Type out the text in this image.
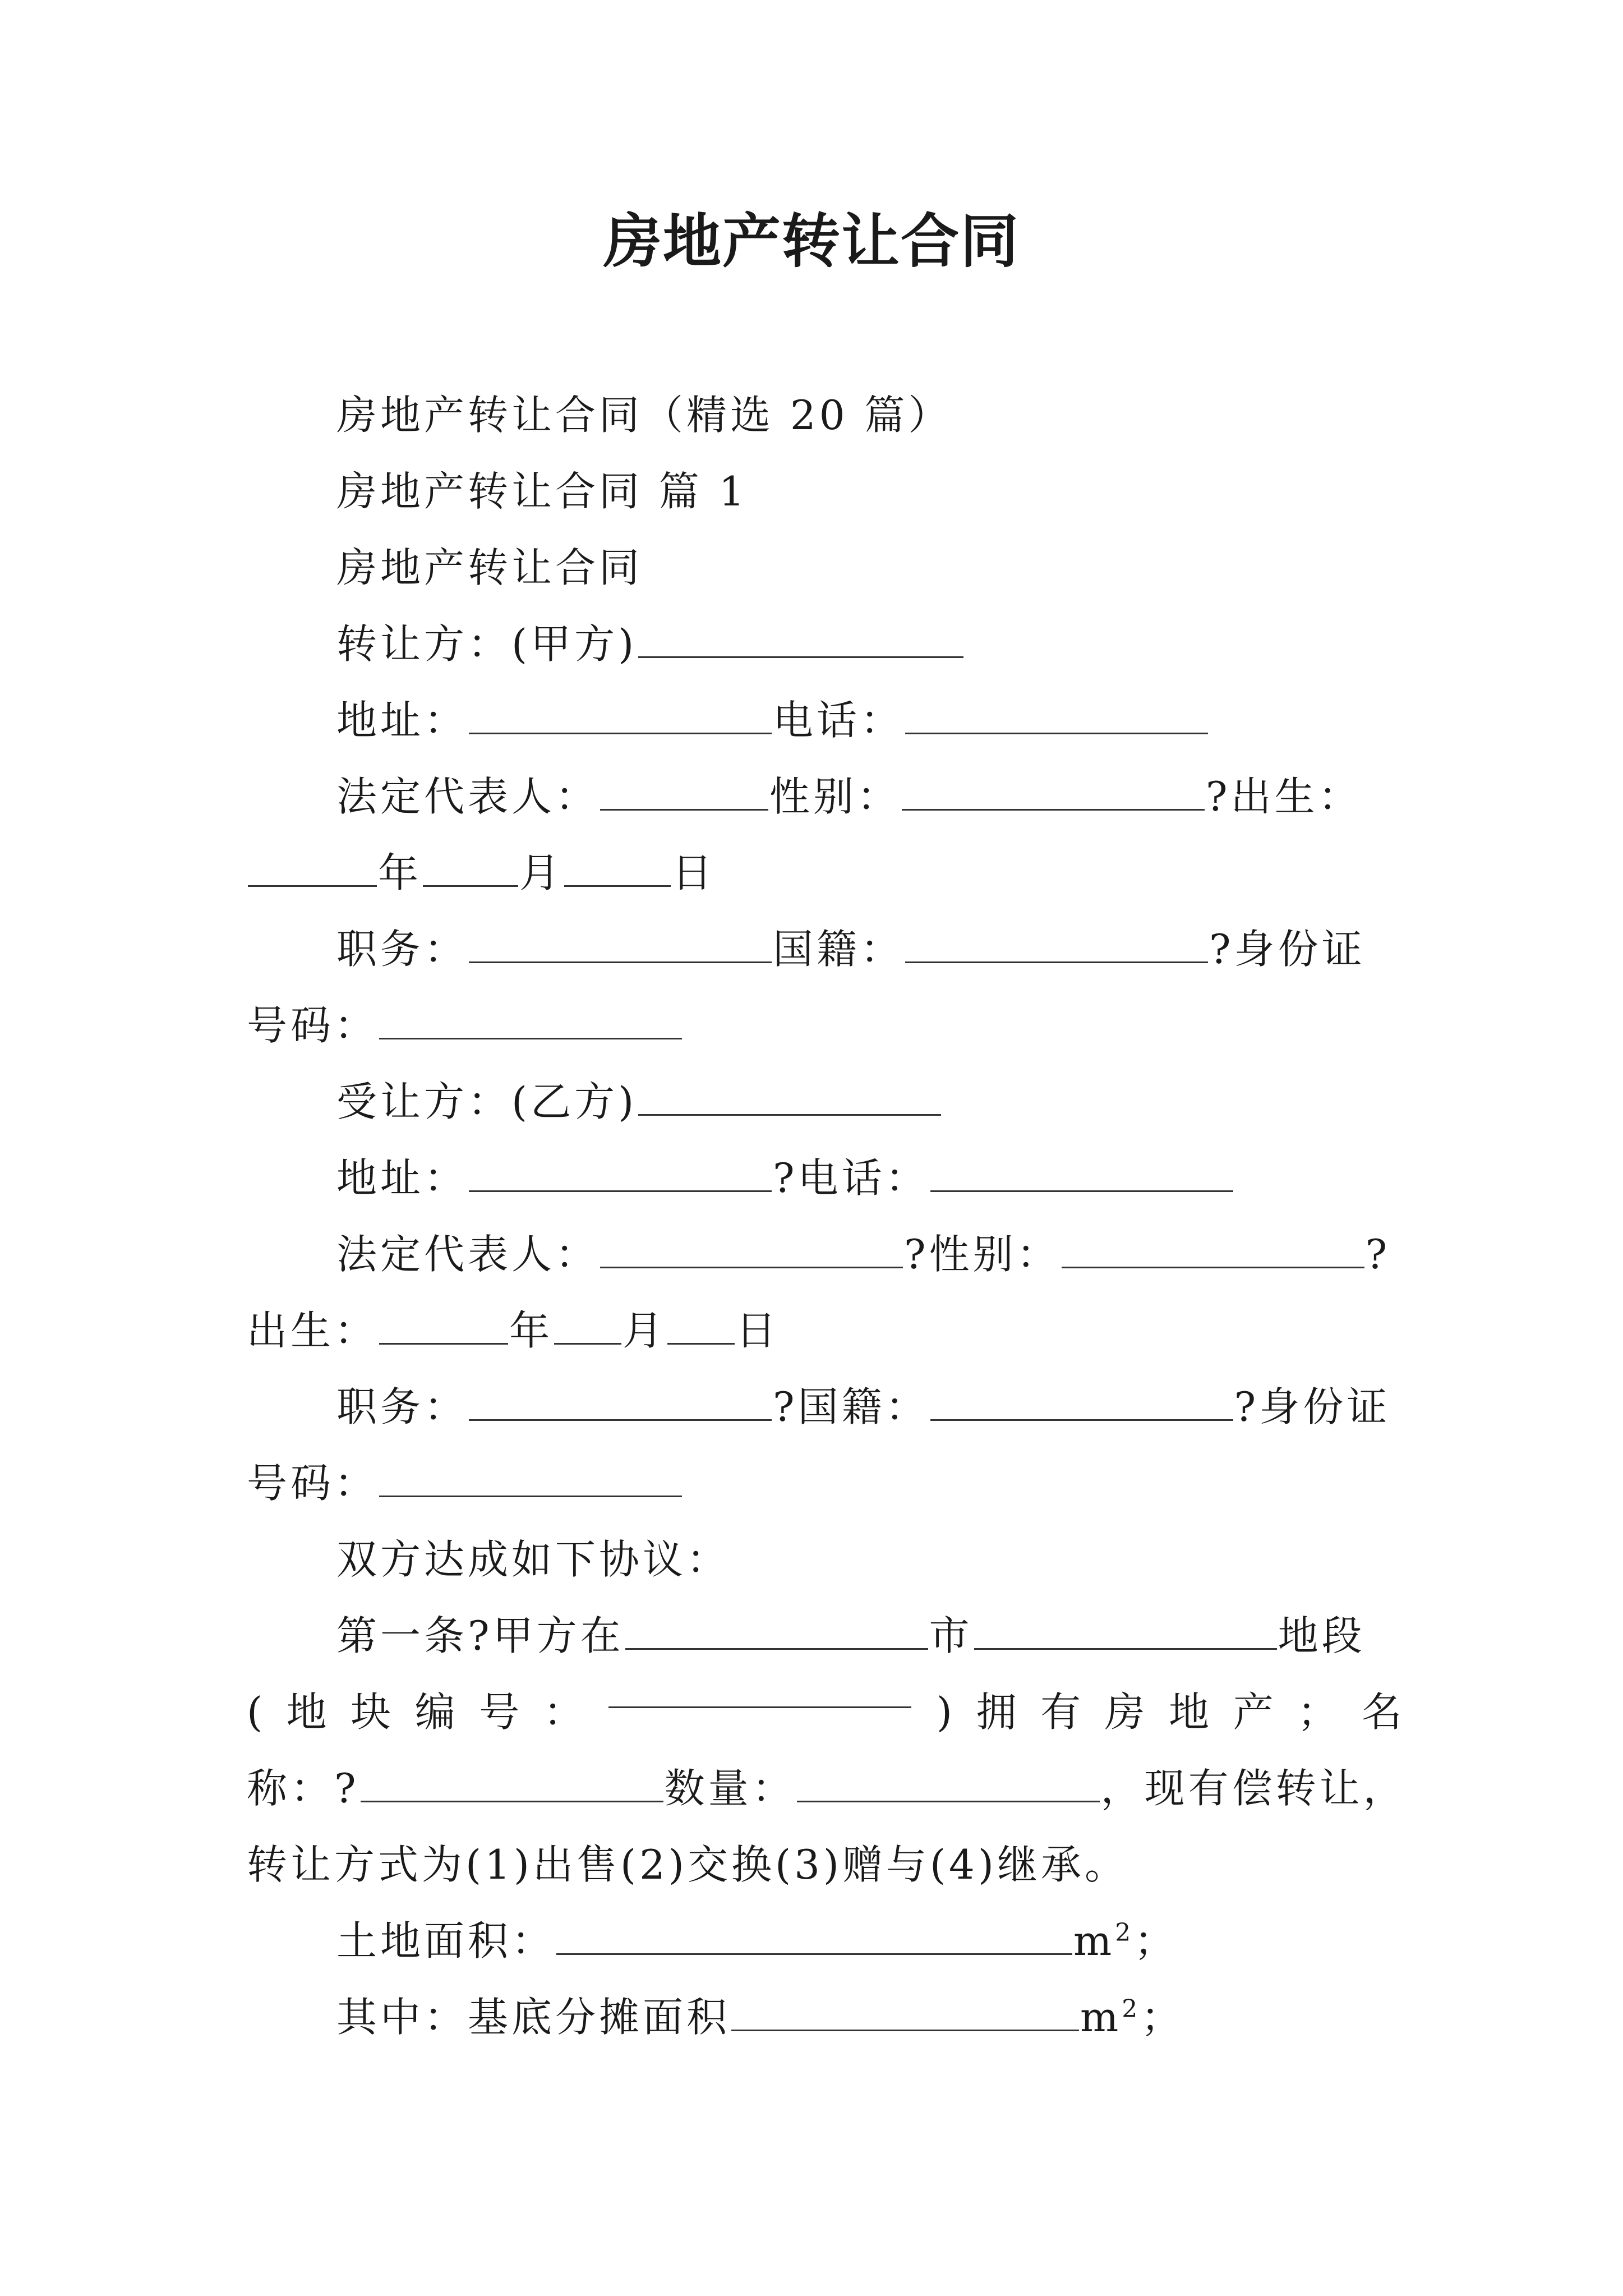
房地产转让合同
房地产转让合同（精选 20 篇）
房地产转让合同 篇 1
房地产转让合同
转让方：(甲方)
地址：	电话：
法定代表人：	性别：	?出生：
年 月	日
职务：	国籍：	?身份证
号码：
受让方：(乙方)
地址：	?电话：
法定代表人：	?性别：	?
出生：	年 月 日
职务：	?国籍：	?身份证
号码：
双方达成如下协议：
第一条?甲方在	市	地段
( 地 块 编 号 ：	) 拥 有 房 地 产 ； 名
称：?	数量：	，现有偿转让，
转让方式为(1)出售(2)交换(3)赠与(4)继承。
土地面积：	$m^2$；
其中：基底分摊面积	$m^2$；
